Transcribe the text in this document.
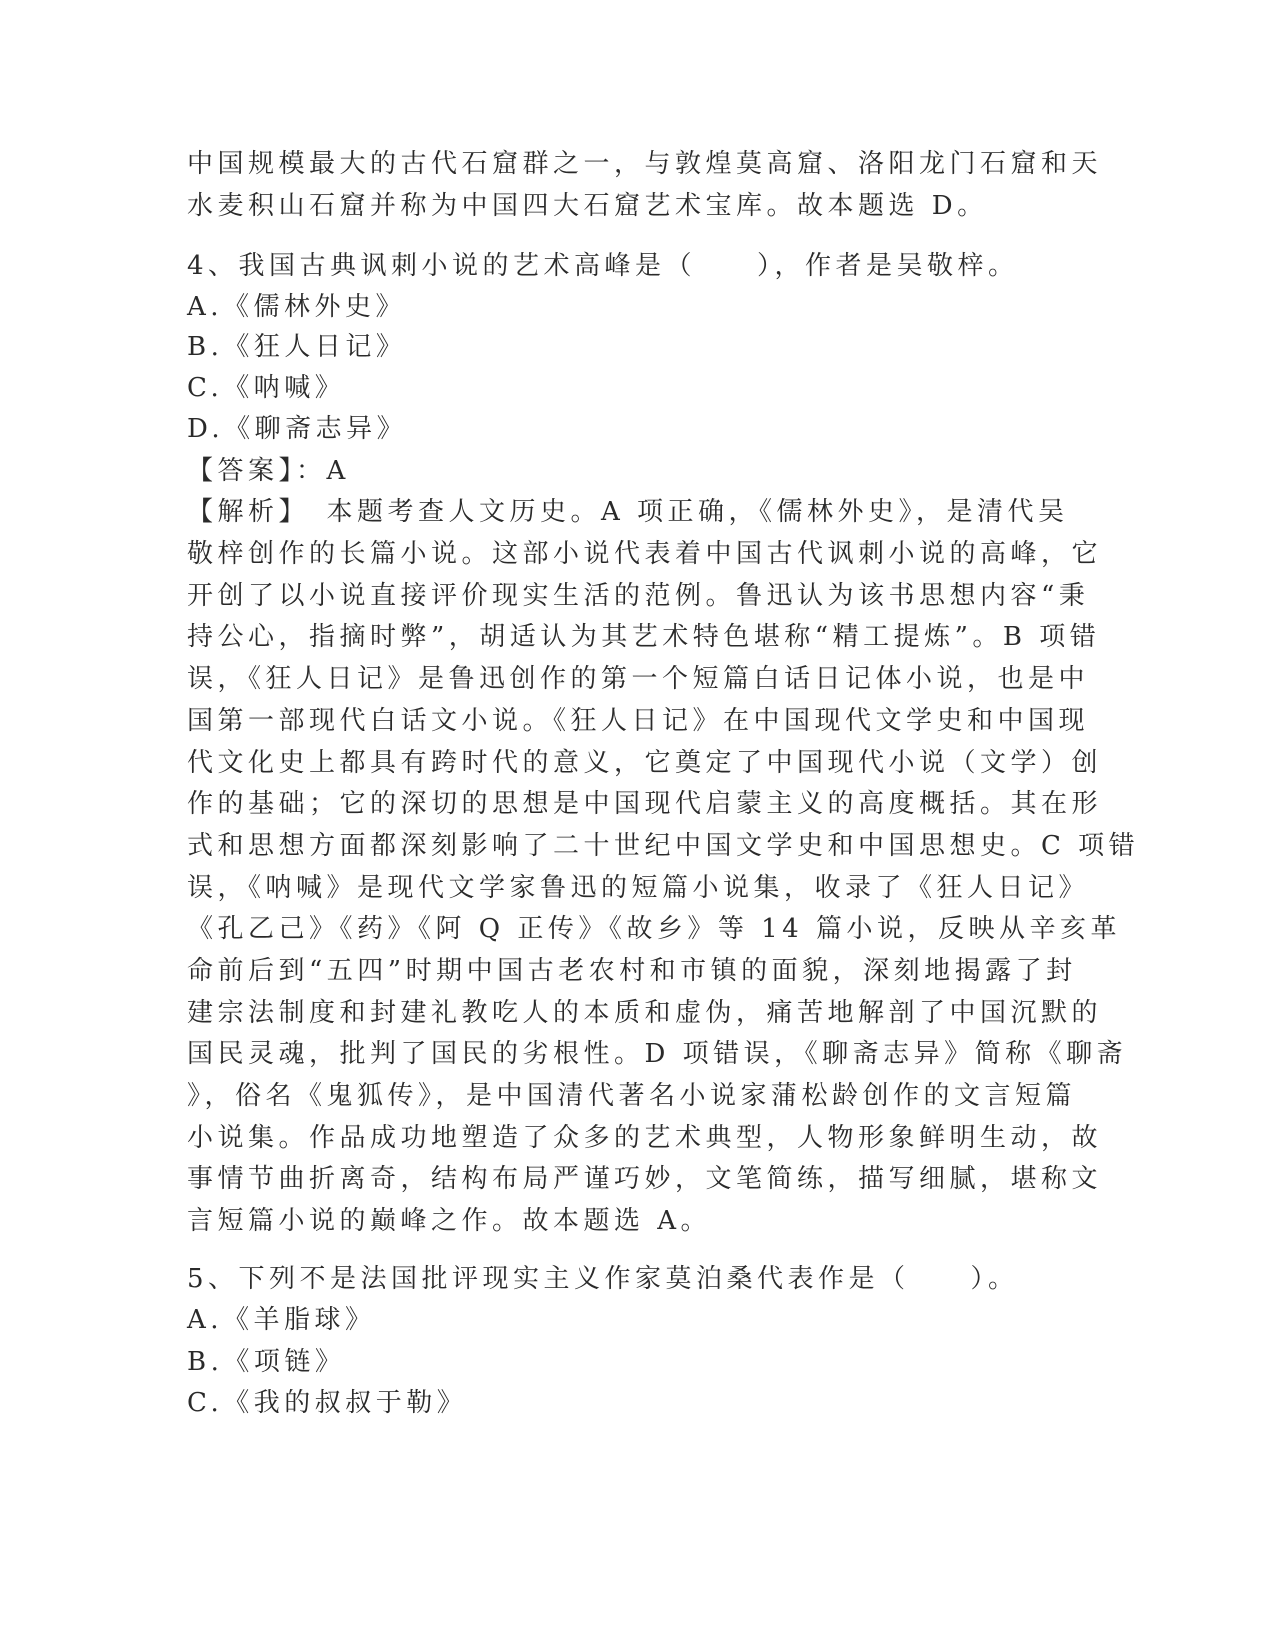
中国规模最大的古代石窟群之一，与敦煌莫高窟、洛阳龙门石窟和天
水麦积山石窟并称为中国四大石窟艺术宝库。故本题选 D。
4、我国古典讽刺小说的艺术高峰是（　　），作者是吴敬梓。
A.《儒林外史》
B.《狂人日记》
C.《呐喊》
D.《聊斋志异》
【答案】：A
【解析】　本题考查人文历史。A 项正确，《儒林外史》，是清代吴
敬梓创作的长篇小说。这部小说代表着中国古代讽刺小说的高峰，它
开创了以小说直接评价现实生活的范例。鲁迅认为该书思想内容“秉
持公心，指摘时弊”，胡适认为其艺术特色堪称“精工提炼”。B 项错
误，《狂人日记》是鲁迅创作的第一个短篇白话日记体小说，也是中
国第一部现代白话文小说。《狂人日记》在中国现代文学史和中国现
代文化史上都具有跨时代的意义，它奠定了中国现代小说（文学）创
作的基础；它的深切的思想是中国现代启蒙主义的高度概括。其在形
式和思想方面都深刻影响了二十世纪中国文学史和中国思想史。C 项错
误，《呐喊》是现代文学家鲁迅的短篇小说集，收录了《狂人日记》
《孔乙己》《药》《阿 Q 正传》《故乡》等 14 篇小说，反映从辛亥革
命前后到“五四”时期中国古老农村和市镇的面貌，深刻地揭露了封
建宗法制度和封建礼教吃人的本质和虚伪，痛苦地解剖了中国沉默的
国民灵魂，批判了国民的劣根性。D 项错误，《聊斋志异》简称《聊斋
》，俗名《鬼狐传》，是中国清代著名小说家蒲松龄创作的文言短篇
小说集。作品成功地塑造了众多的艺术典型，人物形象鲜明生动，故
事情节曲折离奇，结构布局严谨巧妙，文笔简练，描写细腻，堪称文
言短篇小说的巅峰之作。故本题选 A。
5、下列不是法国批评现实主义作家莫泊桑代表作是（　　）。
A.《羊脂球》
B.《项链》
C.《我的叔叔于勒》
